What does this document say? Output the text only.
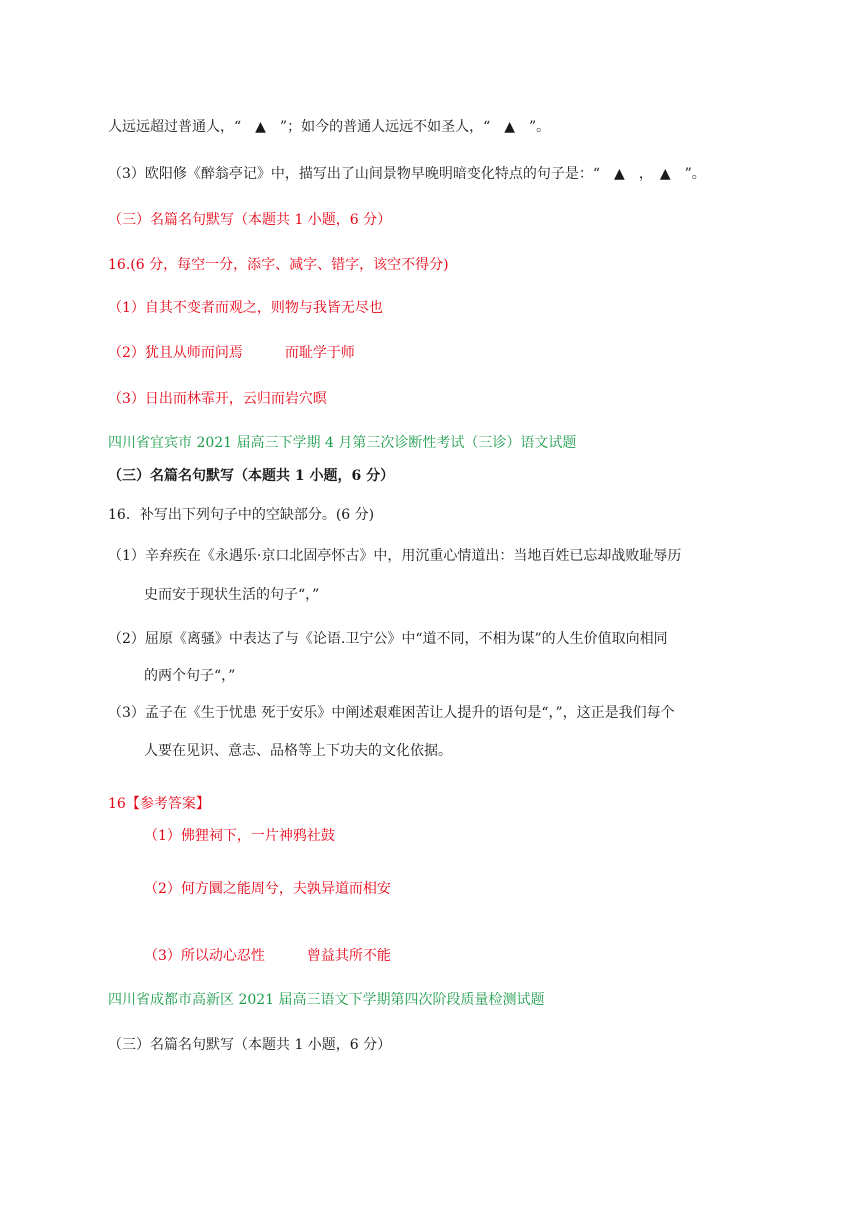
人远远超过普通人，“　▲　”；如今的普通人远远不如圣人，“　▲　”。
（3）欧阳修《醉翁亭记》中，描写出了山间景物早晚明暗变化特点的句子是：“　▲　，　▲　”。
（三）名篇名句默写（本题共 1 小题，6 分）
16.(6 分，每空一分，添字、减字、错字，该空不得分)
（1）自其不变者而观之，则物与我皆无尽也
（2）犹且从师而问焉　　　而耻学于师
（3）日出而林霏开，云归而岩穴暝
四川省宜宾市 2021 届高三下学期 4 月第三次诊断性考试（三诊）语文试题
（三）名篇名句默写（本题共 1 小题，6 分）
16．补写出下列句子中的空缺部分。(6 分)
（1）辛弃疾在《永遇乐·京口北固亭怀古》中，用沉重心情道出：当地百姓已忘却战败耻辱历
史而安于现状生活的句子“，”
（2）屈原《离骚》中表达了与《论语.卫宁公》中“道不同，不相为谋”的人生价值取向相同
的两个句子“，”
（3）孟子在《生于忧患 死于安乐》中阐述艰难困苦让人提升的语句是“，”，这正是我们每个
人要在见识、意志、品格等上下功夫的文化依据。
16【参考答案】
（1）佛狸祠下，一片神鸦社鼓
（2）何方圜之能周兮，夫孰异道而相安
（3）所以动心忍性　　　曾益其所不能
四川省成都市高新区 2021 届高三语文下学期第四次阶段质量检测试题
（三）名篇名句默写（本题共 1 小题，6 分）
